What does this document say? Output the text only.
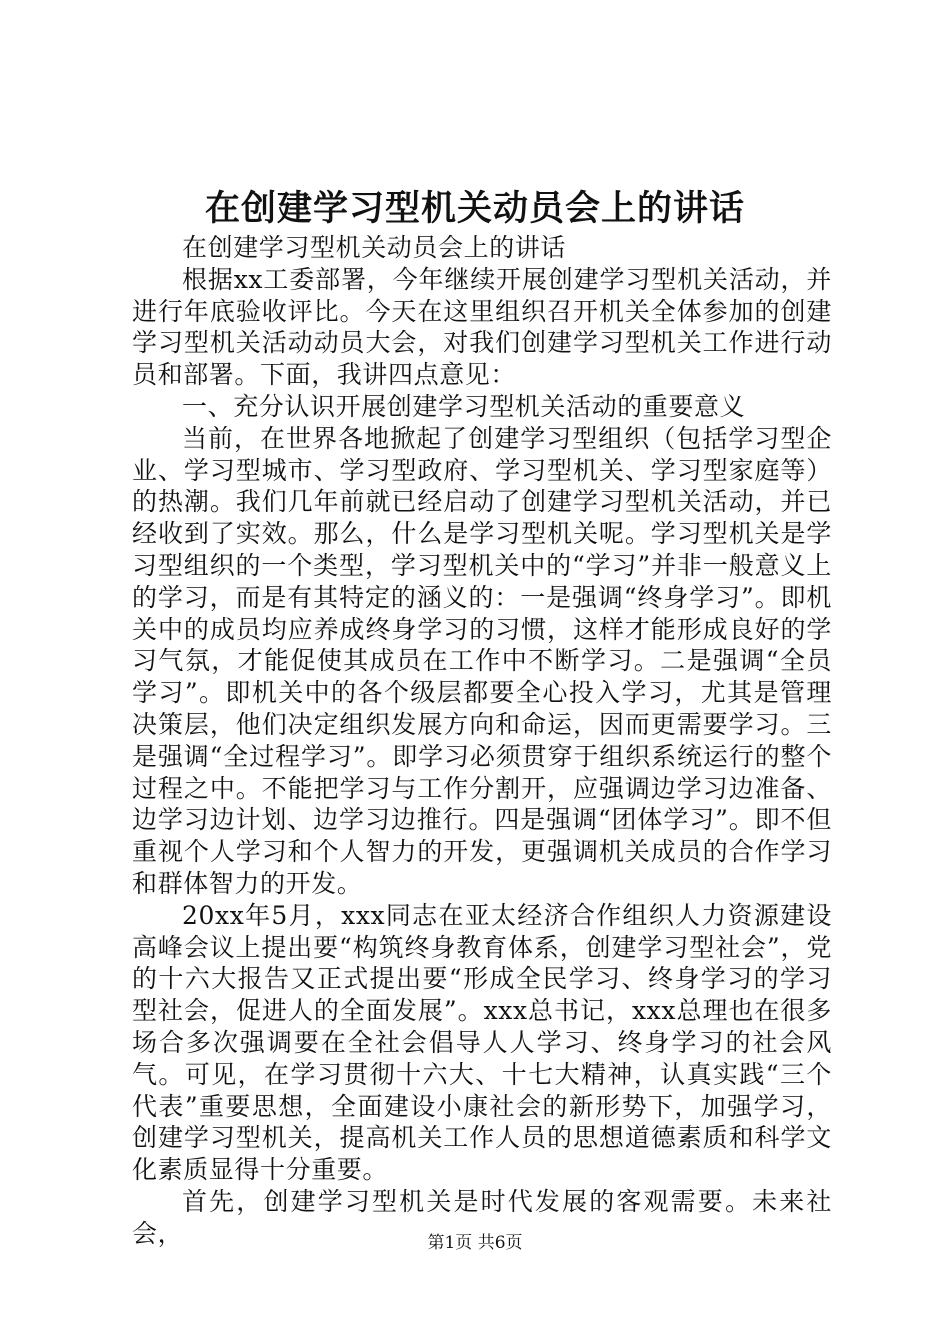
在创建学习型机关动员会上的讲话

在创建学习型机关动员会上的讲话

根据xx工委部署，今年继续开展创建学习型机关活动，并进行年底验收评比。今天在这里组织召开机关全体参加的创建学习型机关活动动员大会，对我们创建学习型机关工作进行动员和部署。下面，我讲四点意见：

一、充分认识开展创建学习型机关活动的重要意义

当前，在世界各地掀起了创建学习型组织（包括学习型企业、学习型城市、学习型政府、学习型机关、学习型家庭等）的热潮。我们几年前就已经启动了创建学习型机关活动，并已经收到了实效。那么，什么是学习型机关呢。学习型机关是学习型组织的一个类型，学习型机关中的“学习”并非一般意义上的学习，而是有其特定的涵义的：一是强调“终身学习”。即机关中的成员均应养成终身学习的习惯，这样才能形成良好的学习气氛，才能促使其成员在工作中不断学习。二是强调“全员学习”。即机关中的各个级层都要全心投入学习，尤其是管理决策层，他们决定组织发展方向和命运，因而更需要学习。三是强调“全过程学习”。即学习必须贯穿于组织系统运行的整个过程之中。不能把学习与工作分割开，应强调边学习边准备、边学习边计划、边学习边推行。四是强调“团体学习”。即不但重视个人学习和个人智力的开发，更强调机关成员的合作学习和群体智力的开发。

20xx年5月，xxx同志在亚太经济合作组织人力资源建设高峰会议上提出要“构筑终身教育体系，创建学习型社会”，党的十六大报告又正式提出要“形成全民学习、终身学习的学习型社会，促进人的全面发展”。xxx总书记，xxx总理也在很多场合多次强调要在全社会倡导人人学习、终身学习的社会风气。可见，在学习贯彻十六大、十七大精神，认真实践“三个代表”重要思想，全面建设小康社会的新形势下，加强学习，创建学习型机关，提高机关工作人员的思想道德素质和科学文化素质显得十分重要。

首先，创建学习型机关是时代发展的客观需要。未来社会，	第1页 共6页
